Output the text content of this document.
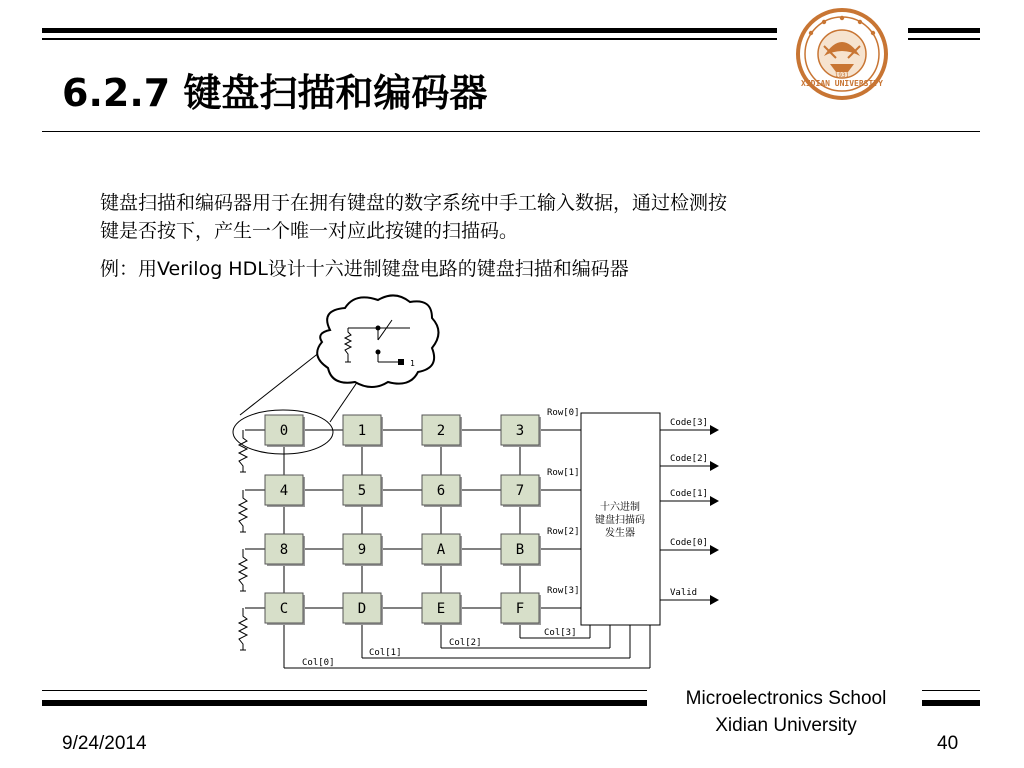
XIDIAN UNIVERSITY
1931
6.2.7 键盘扫描和编码器
键盘扫描和编码器用于在拥有键盘的数字系统中手工输入数据，通过检测按
键是否按下，产生一个唯一对应此按键的扫描码。
例：用Verilog HDL设计十六进制键盘电路的键盘扫描和编码器
Row[0]
Row[1]
Row[2]
Row[3]
Col[0]
Col[1]
Col[2]
Col[3]
0	1	2	3
4	5	6	7
8	9	A	B
C	D	E	F
十六进制
键盘扫描码
发生器
Code[3]
Code[2]
Code[1]
Code[0]
Valid
1
Microelectronics School
Xidian University
9/24/2014	40
